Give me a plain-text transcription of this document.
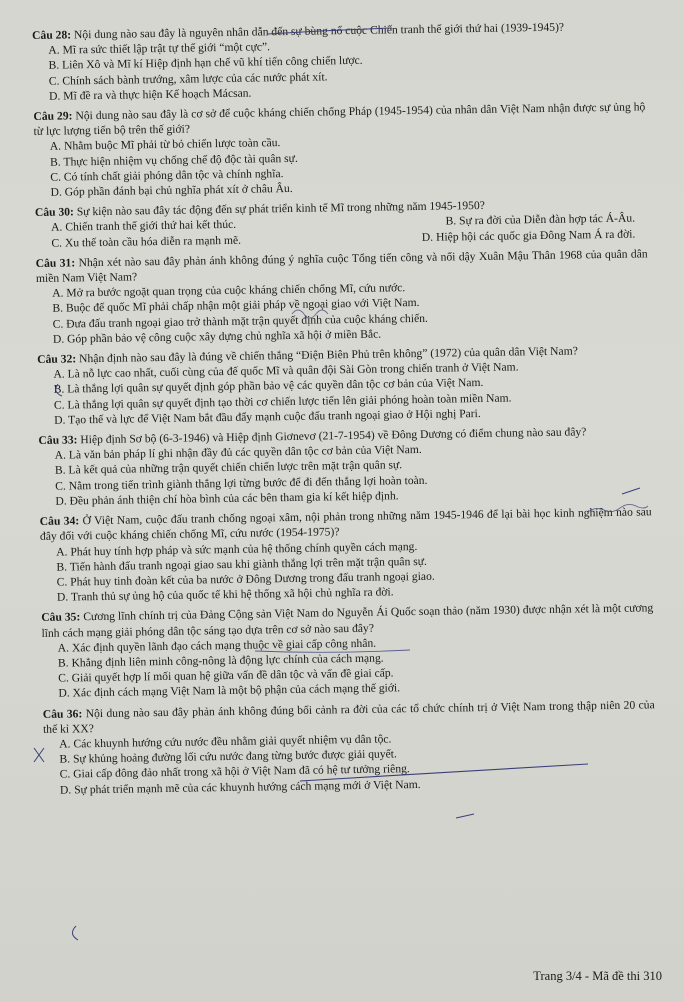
Câu 28: Nội dung nào sau đây là nguyên nhân dẫn đến sự bùng nổ cuộc Chiến tranh thế giới thứ hai (1939-1945)?

A. Mĩ ra sức thiết lập trật tự thế giới “một cực”.

B. Liên Xô và Mĩ kí Hiệp định hạn chế vũ khí tiến công chiến lược.

C. Chính sách bành trướng, xâm lược của các nước phát xít.

D. Mĩ đề ra và thực hiện Kế hoạch Mácsan.

Câu 29: Nội dung nào sau đây là cơ sở để cuộc kháng chiến chống Pháp (1945-1954) của nhân dân Việt Nam nhận được sự ủng hộ từ lực lượng tiến bộ trên thế giới?

A. Nhằm buộc Mĩ phải từ bỏ chiến lược toàn cầu.

B. Thực hiện nhiệm vụ chống chế độ độc tài quân sự.

C. Có tính chất giải phóng dân tộc và chính nghĩa.

D. Góp phần đánh bại chủ nghĩa phát xít ở châu Âu.

Câu 30: Sự kiện nào sau đây tác động đến sự phát triển kinh tế Mĩ trong những năm 1945-1950?

A. Chiến tranh thế giới thứ hai kết thúc.	B. Sự ra đời của Diễn đàn hợp tác Á-Âu.
C. Xu thế toàn cầu hóa diễn ra mạnh mẽ.	D. Hiệp hội các quốc gia Đông Nam Á ra đời.

Câu 31: Nhận xét nào sau đây phản ánh không đúng ý nghĩa cuộc Tổng tiến công và nổi dậy Xuân Mậu Thân 1968 của quân dân miền Nam Việt Nam?

A. Mở ra bước ngoặt quan trọng của cuộc kháng chiến chống Mĩ, cứu nước.

B. Buộc đế quốc Mĩ phải chấp nhận một giải pháp về ngoại giao với Việt Nam.

C. Đưa đấu tranh ngoại giao trở thành mặt trận quyết định của cuộc kháng chiến.

D. Góp phần bảo vệ công cuộc xây dựng chủ nghĩa xã hội ở miền Bắc.

Câu 32: Nhận định nào sau đây là đúng về chiến thắng “Điện Biên Phủ trên không” (1972) của quân dân Việt Nam?

A. Là nỗ lực cao nhất, cuối cùng của đế quốc Mĩ và quân đội Sài Gòn trong chiến tranh ở Việt Nam.

B. Là thắng lợi quân sự quyết định góp phần bảo vệ các quyền dân tộc cơ bản của Việt Nam.

C. Là thắng lợi quân sự quyết định tạo thời cơ chiến lược tiến lên giải phóng hoàn toàn miền Nam.

D. Tạo thế và lực để Việt Nam bắt đầu đẩy mạnh cuộc đấu tranh ngoại giao ở Hội nghị Pari.

Câu 33: Hiệp định Sơ bộ (6-3-1946) và Hiệp định Giơnevơ (21-7-1954) về Đông Dương có điểm chung nào sau đây?

A. Là văn bản pháp lí ghi nhận đầy đủ các quyền dân tộc cơ bản của Việt Nam.

B. Là kết quả của những trận quyết chiến chiến lược trên mặt trận quân sự.

C. Nằm trong tiến trình giành thắng lợi từng bước để đi đến thắng lợi hoàn toàn.

D. Đều phản ánh thiện chí hòa bình của các bên tham gia kí kết hiệp định.

Câu 34: Ở Việt Nam, cuộc đấu tranh chống ngoại xâm, nội phản trong những năm 1945-1946 để lại bài học kinh nghiệm nào sau đây đối với cuộc kháng chiến chống Mĩ, cứu nước (1954-1975)?

A. Phát huy tính hợp pháp và sức mạnh của hệ thống chính quyền cách mạng.

B. Tiến hành đấu tranh ngoại giao sau khi giành thắng lợi trên mặt trận quân sự.

C. Phát huy tinh đoàn kết của ba nước ở Đông Dương trong đấu tranh ngoại giao.

D. Tranh thủ sự ủng hộ của quốc tế khi hệ thống xã hội chủ nghĩa ra đời.

Câu 35: Cương lĩnh chính trị của Đảng Cộng sản Việt Nam do Nguyễn Ái Quốc soạn thảo (năm 1930) được nhận xét là một cương lĩnh cách mạng giải phóng dân tộc sáng tạo dựa trên cơ sở nào sau đây?

A. Xác định quyền lãnh đạo cách mạng thuộc về giai cấp công nhân.

B. Khẳng định liên minh công-nông là động lực chính của cách mạng.

C. Giải quyết hợp lí mối quan hệ giữa vấn đề dân tộc và vấn đề giai cấp.

D. Xác định cách mạng Việt Nam là một bộ phận của cách mạng thế giới.

Câu 36: Nội dung nào sau đây phản ánh không đúng bối cảnh ra đời của các tổ chức chính trị ở Việt Nam trong thập niên 20 của thế kỉ XX?

A. Các khuynh hướng cứu nước đều nhằm giải quyết nhiệm vụ dân tộc.

B. Sự khủng hoảng đường lối cứu nước đang từng bước được giải quyết.

C. Giai cấp đông đảo nhất trong xã hội ở Việt Nam đã có hệ tư tưởng riêng.

D. Sự phát triển mạnh mẽ của các khuynh hướng cách mạng mới ở Việt Nam.

Trang 3/4 - Mã đề thi 310
